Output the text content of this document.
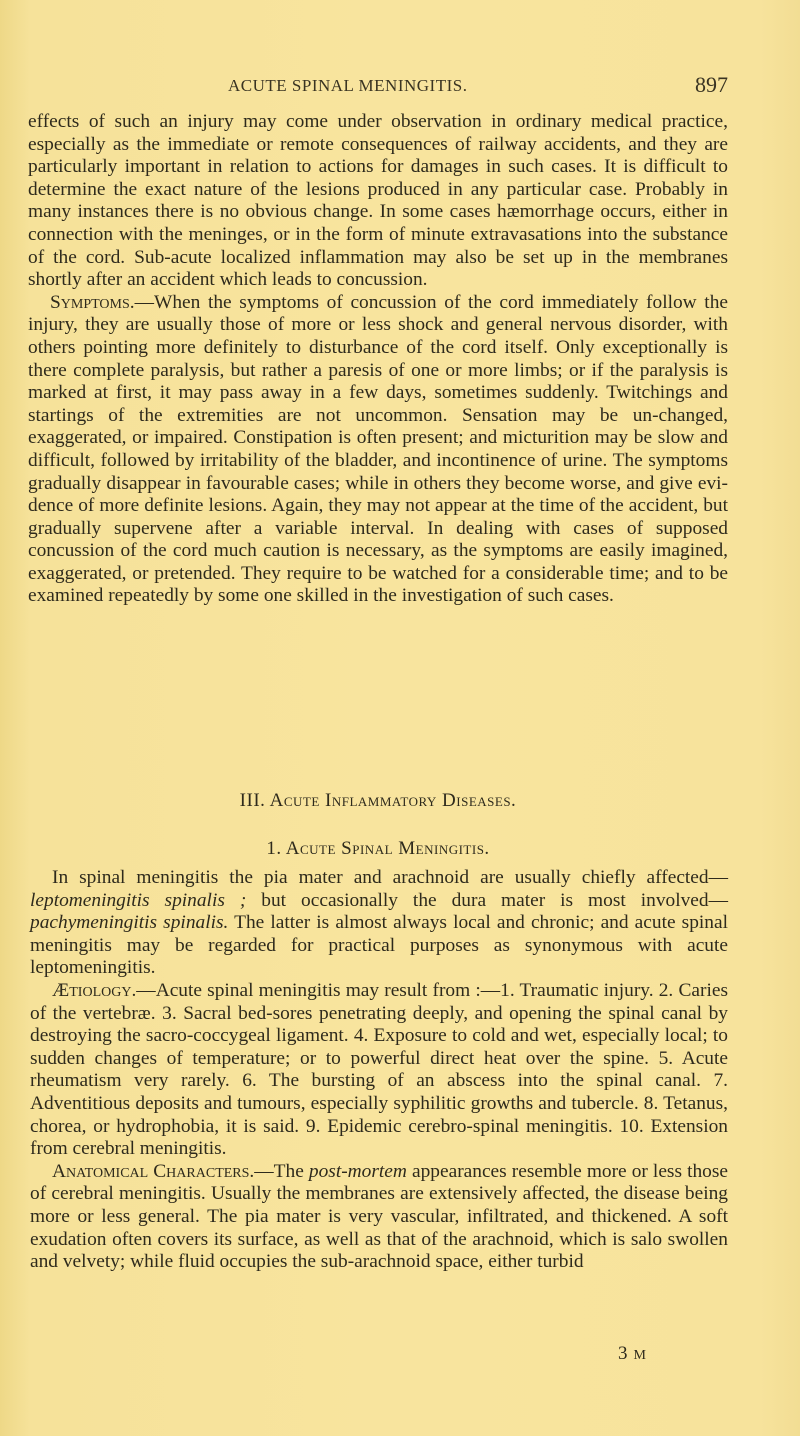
ACUTE SPINAL MENINGITIS.	897

effects of such an injury may come under observation in ordinary medical practice, especially as the immediate or remote consequences of railway accidents, and they are particularly important in relation to actions for damages in such cases. It is difficult to determine the exact nature of the lesions produced in any particular case. Probably in many instances there is no obvious change. In some cases hæmorrhage occurs, either in connection with the meninges, or in the form of minute extravasations into the substance of the cord. Sub-acute localized inflammation may also be set up in the membranes shortly after an accident which leads to concussion.

Symptoms.—When the symptoms of concussion of the cord immediately follow the injury, they are usually those of more or less shock and general nervous disorder, with others pointing more definitely to disturbance of the cord itself. Only exceptionally is there complete paralysis, but rather a paresis of one or more limbs; or if the paralysis is marked at first, it may pass away in a few days, sometimes suddenly. Twitchings and startings of the extremities are not uncommon. Sensation may be un-changed, exaggerated, or impaired. Constipation is often present; and micturition may be slow and difficult, followed by irritability of the bladder, and incontinence of urine. The symptoms gradually disappear in favourable cases; while in others they become worse, and give evi-dence of more definite lesions. Again, they may not appear at the time of the accident, but gradually supervene after a variable interval. In dealing with cases of supposed concussion of the cord much caution is necessary, as the symptoms are easily imagined, exaggerated, or pretended. They require to be watched for a considerable time; and to be examined repeatedly by some one skilled in the investigation of such cases.

III. Acute Inflammatory Diseases.

1. Acute Spinal Meningitis.

In spinal meningitis the pia mater and arachnoid are usually chiefly affected—leptomeningitis spinalis ; but occasionally the dura mater is most involved—pachymeningitis spinalis. The latter is almost always local and chronic; and acute spinal meningitis may be regarded for practical purposes as synonymous with acute leptomeningitis.

Ætiology.—Acute spinal meningitis may result from :—1. Traumatic injury. 2. Caries of the vertebræ. 3. Sacral bed-sores penetrating deeply, and opening the spinal canal by destroying the sacro-coccygeal ligament. 4. Exposure to cold and wet, especially local; to sudden changes of temperature; or to powerful direct heat over the spine. 5. Acute rheumatism very rarely. 6. The bursting of an abscess into the spinal canal. 7. Adventitious deposits and tumours, especially syphilitic growths and tubercle. 8. Tetanus, chorea, or hydrophobia, it is said. 9. Epidemic cerebro-spinal meningitis. 10. Extension from cerebral meningitis.

Anatomical Characters.—The post-mortem appearances resemble more or less those of cerebral meningitis. Usually the membranes are extensively affected, the disease being more or less general. The pia mater is very vascular, infiltrated, and thickened. A soft exudation often covers its surface, as well as that of the arachnoid, which is salo swollen and velvety; while fluid occupies the sub-arachnoid space, either turbid

3M
